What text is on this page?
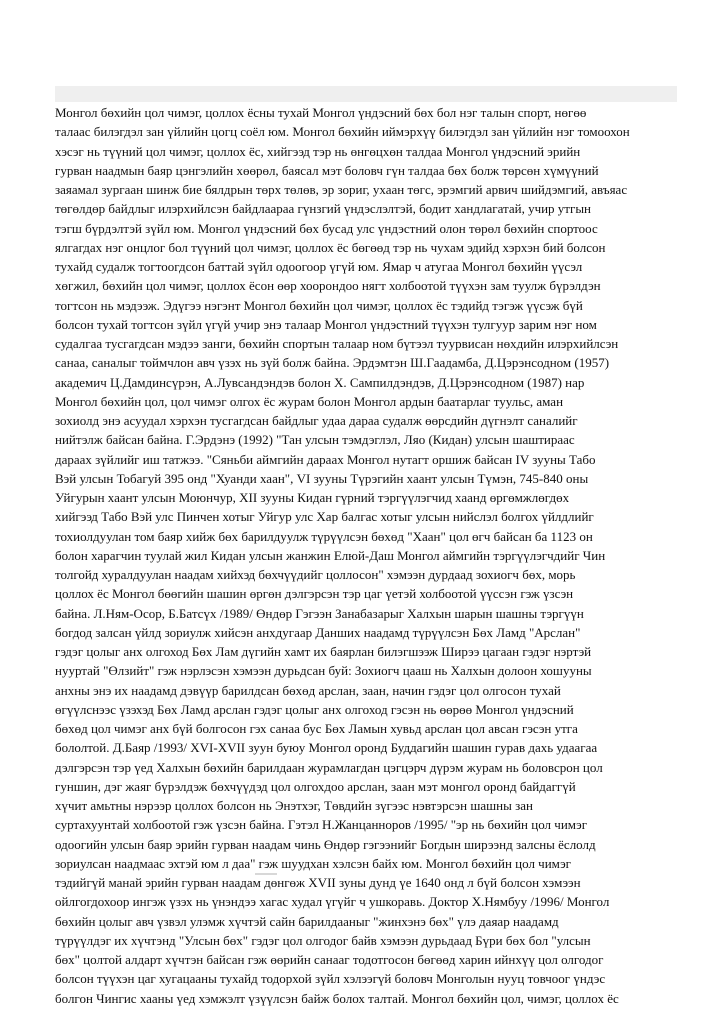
Монгол бөхийн цол чимэг, цоллох ёсны тухай Монгол үндэсний бөх бол нэг талын спорт, нөгөө
талаас билэгдэл зан үйлийн цогц соёл юм. Монгол бөхийн иймэрхүү билэгдэл зан үйлийн нэг томоохон
хэсэг нь түүний цол чимэг, цоллох ёс, хийгээд тэр нь өнгөцхөн талдаа Монгол үндэсний эрийн
гурван наадмын баяр цэнгэлийн хөөрөл, баясал мэт боловч гүн талдаа бөх болж төрсөн хүмүүний
заяамал зургаан шинж бие бялдрын төрх төлөв, эр зориг, ухаан төгс, эрэмгий арвич шийдэмгий, авъяас
төгөлдөр байдлыг илэрхийлсэн байдлаараа гүнзгий үндэслэлтэй, бодит хандлагатай, учир утгын
тэгш бүрдэлтэй зүйл юм. Монгол үндэсний бөх бусад улс үндэстний олон төрөл бөхийн спортоос
ялгагдах нэг онцлог бол түүний цол чимэг, цоллох ёс бөгөөд тэр нь чухам эдийд хэрхэн бий болсон
тухайд судалж тогтоогдсон баттай зүйл одоогоор үгүй юм. Ямар ч атугаа Монгол бөхийн үүсэл
хөгжил, бөхийн цол чимэг, цоллох ёсон өөр хоорондоо нягт холбоотой түүхэн зам туулж бүрэлдэн
тогтсон нь мэдээж. Эдүгээ нэгэнт Монгол бөхийн цол чимэг, цоллох ёс тэдийд тэгэж үүсэж бүй
болсон тухай тогтсон зүйл үгүй учир энэ талаар Монгол үндэстний түүхэн тулгуур зарим нэг ном
судалгаа тусгагдсан мэдээ занги, бөхийн спортын талаар ном бүтээл туурвисан нөхдийн илэрхийлсэн
санаа, саналыг тоймчлон авч үзэх нь зүй болж байна. Эрдэмтэн Ш.Гаадамба, Д.Цэрэнсодном (1957)
академич Ц.Дамдинсүрэн, А.Лувсандэндэв болон Х. Сампилдэндэв, Д.Цэрэнсодном (1987) нар
Монгол бөхийн цол, цол чимэг олгох ёс журам болон Монгол ардын баатарлаг туульс, аман
зохиолд энэ асуудал хэрхэн тусгагдсан байдлыг удаа дараа судалж өөрсдийн дүгнэлт саналийг
нийтэлж байсан байна. Г.Эрдэнэ (1992) "Тан улсын тэмдэглэл, Ляо (Кидан) улсын шаштирааc
дараах зүйлийг иш татжээ. "Сяньби аймгийн дараах Монгол нутагт оршиж байсан IV зууны Табо
Вэй улсын Тобагуй 395 онд "Хуанди хаан", VI зууны Түрэгийн хаант улсын Түмэн, 745-840 оны
Уйгурын хаант улсын Моюнчур, XII зууны Кидан гүрний тэргүүлэгчид хаанд өргөмжлөгдөх
хийгээд Табо Вэй улс Пинчен хотыг Уйгур улс Хар балгас хотыг улсын нийслэл болгох үйлдлийг
тохиолдуулан том баяр хийж бөх барилдуулж түрүүлсэн бөхөд "Хаан" цол өгч байсан ба 1123 он
болон харагчин туулай жил Кидан улсын жанжин Елюй-Даш Монгол аймгийн тэргүүлэгчдийг Чин
толгойд хуралдуулан наадам хийхэд бөхчүүдийг цоллосон" хэмээн дурдаад зохиогч бөх, морь
цоллох ёс Монгол бөөгийн шашин өргөн дэлгэрсэн тэр цаг үетэй холбоотой үүссэн гэж үзсэн
байна. Л.Ням-Осор, Б.Батсүх /1989/ Өндөр Гэгээн Занабазарыг Халхын шарын шашны тэргүүн
богдод залсан үйлд зориулж хийсэн анхдугаар Данших наадамд түрүүлсэн Бөх Ламд "Арслан"
гэдэг цолыг анх олгоход Бөх Лам дүгийн хамт их баярлан билэгшээж Ширээ цагаан гэдэг нэртэй
нууртай "Өлзийт" гэж нэрлэсэн хэмээн дурьдсан буй: Зохиогч цааш нь Халхын долоон хошууны
анхны энэ их наадамд дэвүүр барилдсан бөхөд арслан, заан, начин гэдэг цол олгосон тухай
өгүүлснээс үзэхэд Бөх Ламд арслан гэдэг цолыг анх олгоход гэсэн нь өөрөө Монгол үндэсний
бөхөд цол чимэг анх бүй болгосон гэх санаа бус Бөх Ламын хувьд арслан цол авсан гэсэн утга
бололтой. Д.Баяр /1993/ XVI-XVII зуун буюу Монгол оронд Буддагийн шашин гурав дахь удаагаа
дэлгэрсэн тэр үед Халхын бөхийн барилдаан журамлагдан цэгцэрч дүрэм журам нь боловсрон цол
гуншин, дэг жаяг бүрэлдэж бөхчүүдэд цол олгохдоо арслан, заан мэт монгол оронд байдаггүй
хүчит амьтны нэрээр цоллох болсон нь Энэтхэг, Төвдийн зүгээс нэвтэрсэн шашны зан
суртахуунтай холбоотой гэж үзсэн байна. Гэтэл Н.Жанцаннорoв /1995/ "эр нь бөхийн цол чимэг
одоогийн улсын баяр эрийн гурван наадам чинь Өндөр гэгээнийг Богдын ширээнд залсны ёслолд
зориулсан наадмаас эхтэй юм л даа" гэж шуудхан хэлсэн байх юм. Монгол бөхийн цол чимэг
тэдийгүй манай эрийн гурван наадам дөнгөж XVII зуны дунд үе 1640 онд л бүй болсон хэмээн
ойлгогдохоор ингэж үзэх нь үнэндээ хагас худал үгүйг ч ушкоравь. Доктор Х.Нямбуу /1996/ Монгол
бөхийн цолыг авч үзвэл улэмж хүчтэй сайн барилдааныг "жинхэнэ бөх" үлэ даяар наадамд
түрүүлдэг их хүчтэнд "Улсын бөх" гэдэг цол олгодог байв хэмээн дурьдаад Бүри бөх бол "улсын
бөх" цолтой алдарт хүчтэн байсан гэж өөрийн санааг тодотгосон бөгөөд харин ийнхүү цол олгодог
болсон түүхэн цаг хугацааны тухайд тодорхой зүйл хэлээгүй боловч Монголын нууц товчоог үндэс
болгон Чингис хааны үед хэмжэлт үзүүлсэн байж болох талтай. Монгол бөхийн цол, чимэг, цоллох ёс
